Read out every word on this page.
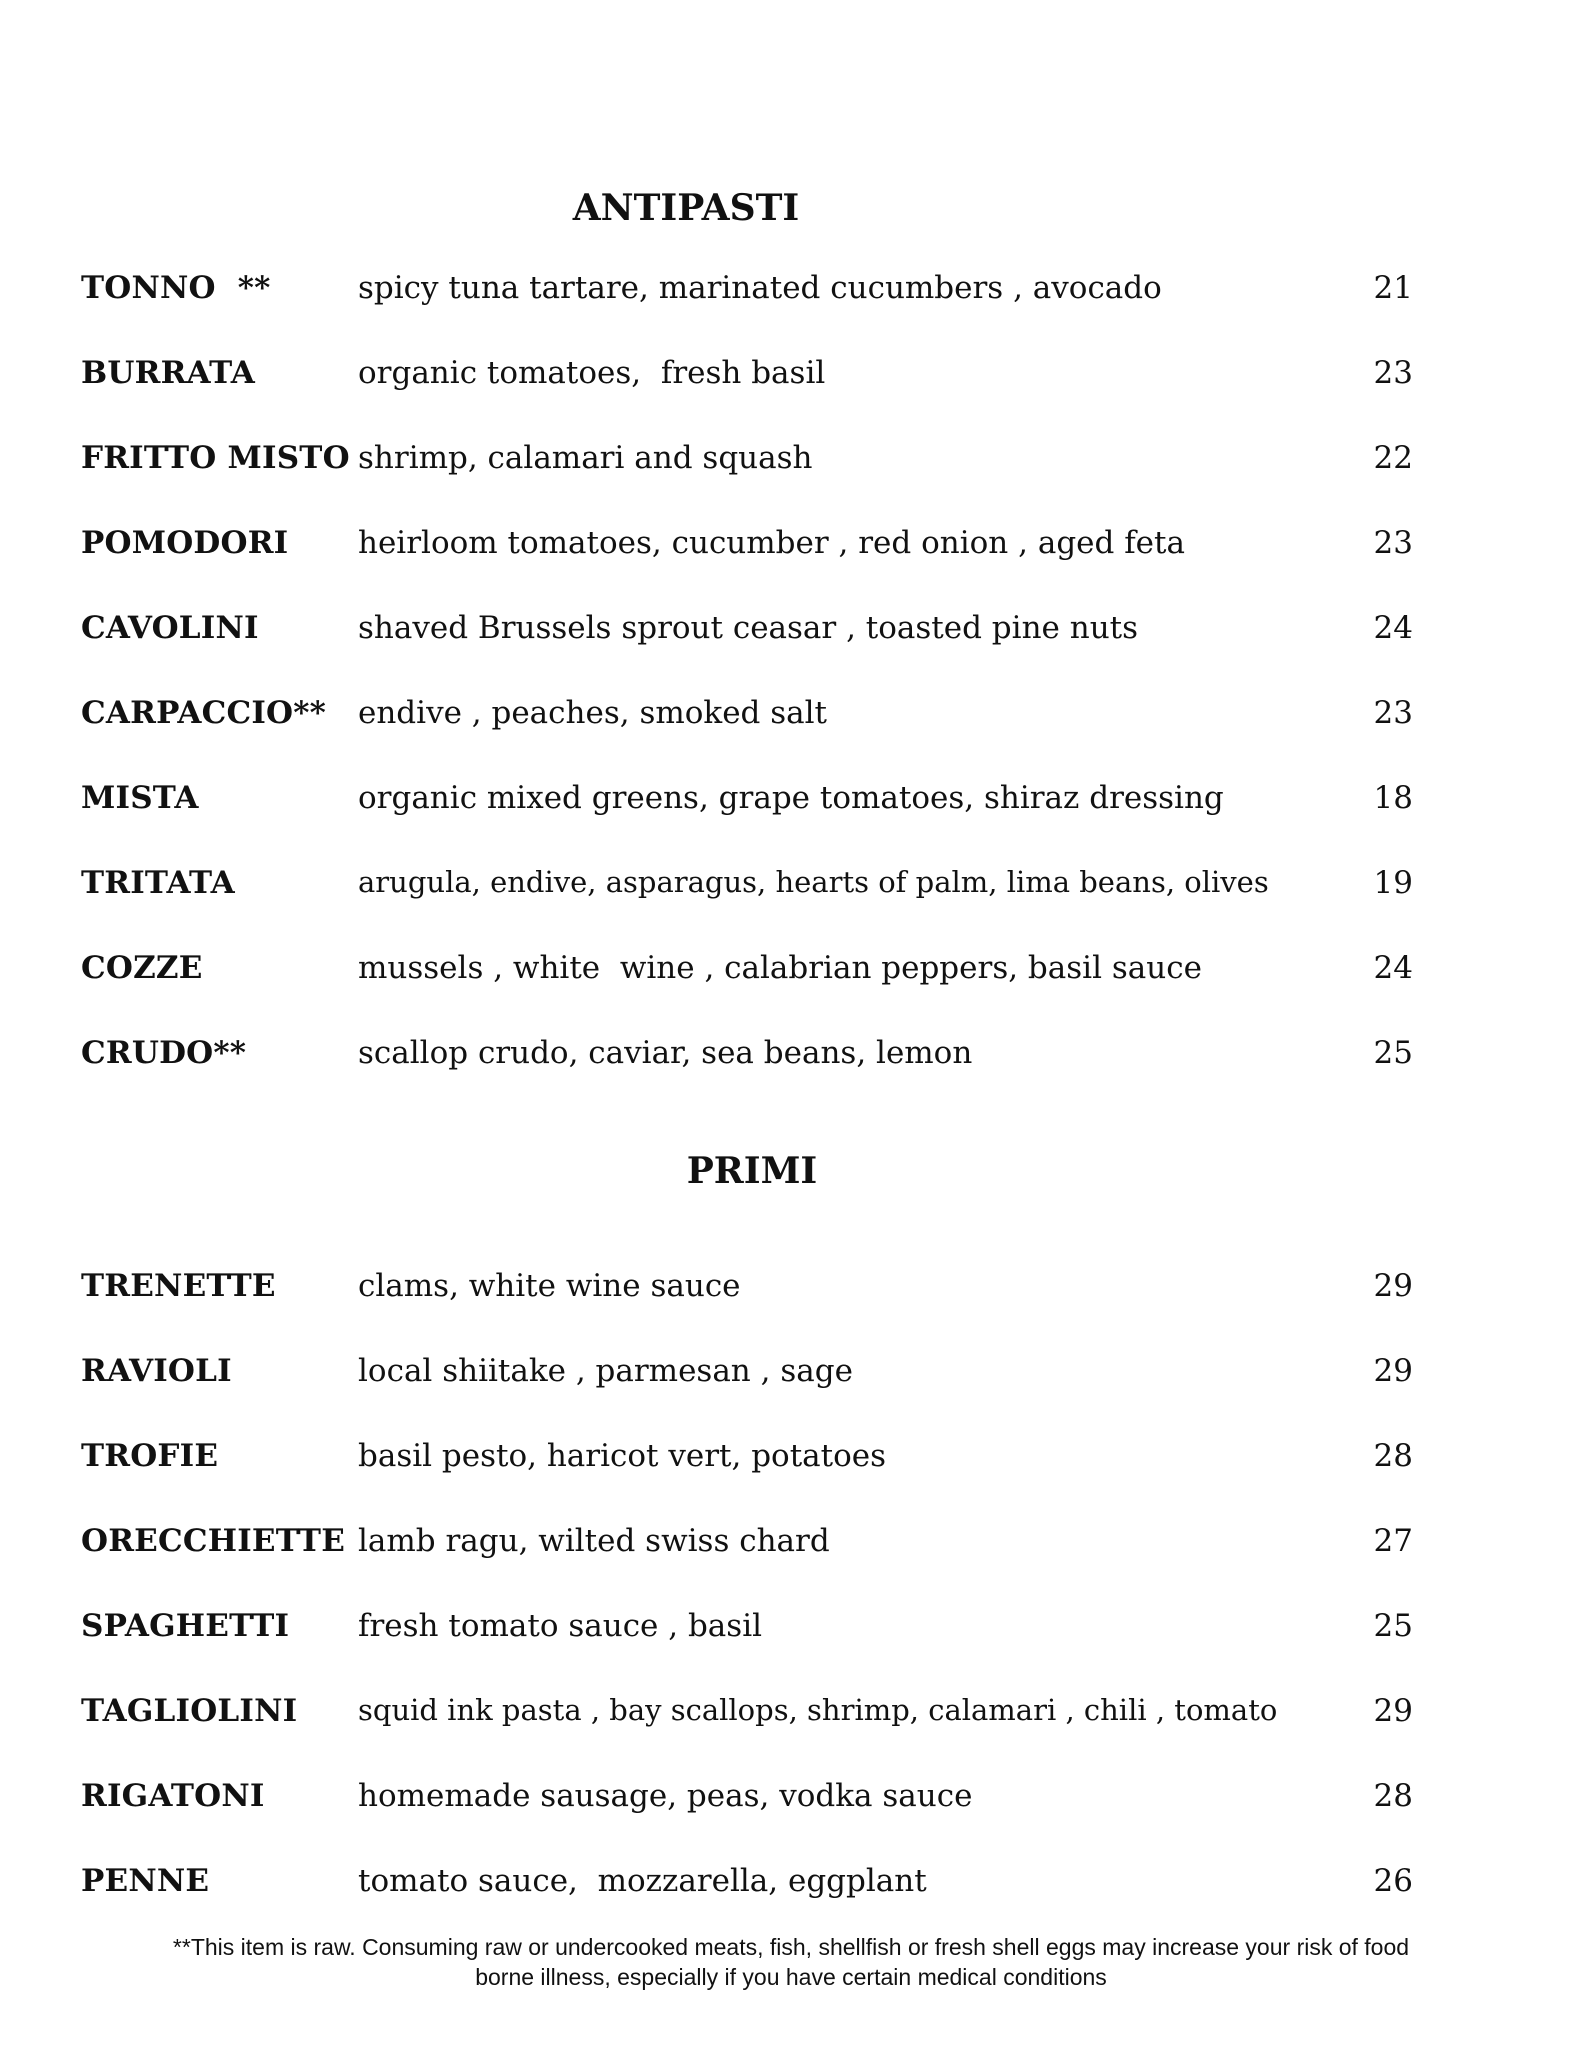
ANTIPASTI
TONNO  **	spicy tuna tartare, marinated cucumbers , avocado	21
BURRATA	organic tomatoes,  fresh basil	23
FRITTO MISTO shrimp, calamari and squash	22
POMODORI heirloom tomatoes, cucumber , red onion , aged feta	23
CAVOLINI	shaved Brussels sprout ceasar , toasted pine nuts	24
CARPACCIO** endive , peaches, smoked salt	23
MISTA	organic mixed greens, grape tomatoes, shiraz dressing	18
TRITATA	arugula, endive, asparagus, hearts of palm, lima beans, olives	19
COZZE	mussels , white  wine , calabrian peppers, basil sauce	24
CRUDO**	scallop crudo, caviar, sea beans, lemon	25
PRIMI
TRENETTE	clams, white wine sauce	29
RAVIOLI	local shiitake , parmesan , sage	29
TROFIE	basil pesto, haricot vert, potatoes	28
ORECCHIETTE lamb ragu, wilted swiss chard	27
SPAGHETTI fresh tomato sauce , basil	25
TAGLIOLINI squid ink pasta , bay scallops, shrimp, calamari , chili , tomato	29
RIGATONI	homemade sausage, peas, vodka sauce	28
PENNE	tomato sauce,  mozzarella, eggplant	26
**This item is raw. Consuming raw or undercooked meats, fish, shellfish or fresh shell eggs may increase your risk of food
borne illness, especially if you have certain medical conditions
